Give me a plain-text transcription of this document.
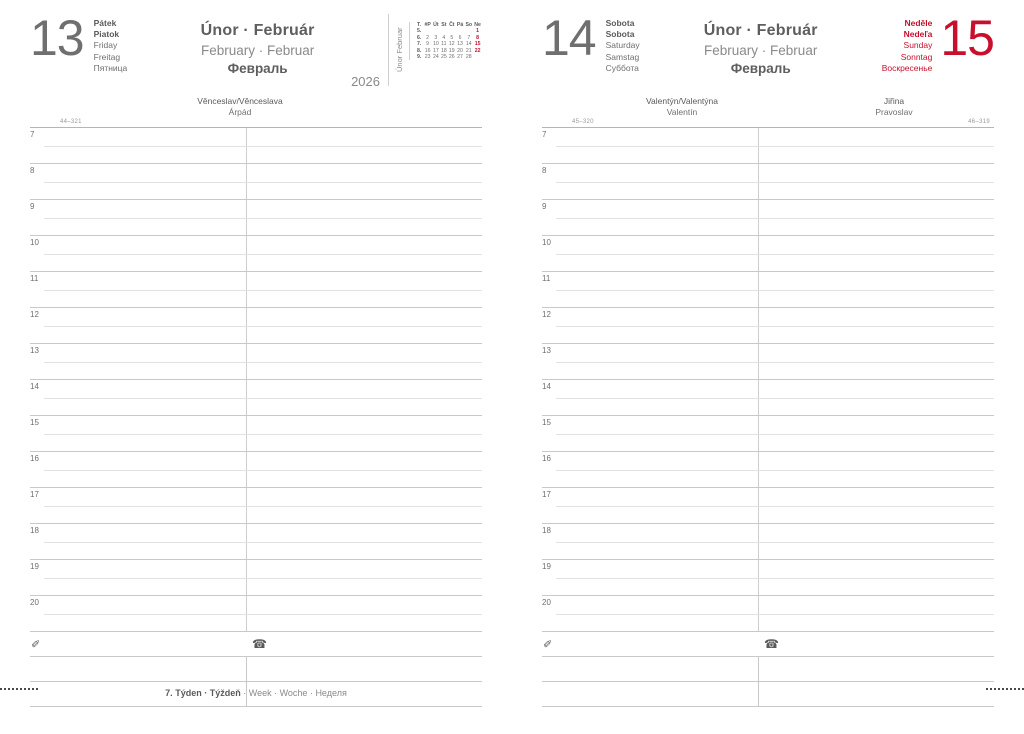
13 Pátek
Piatok
Friday
Freitag
Пятница
Únor · Február
February · Februar
Февраль	Únor Februar
T.	#P	Út	St	Čt	Pá	So	Ne
5.							1
6.	2	3	4	5	6	7	8
7.	9	10	11	12	13	14	15
8.	16	17	18	19	20	21	22
9.	23	24	25	26	27	28	
2026
Věnceslav/Věnceslava
Árpád
44–321
7
8
9
10
11
12
13
14
15
16
17
18
19
20
✐	☎
7. Týden · Týždeň · Week · Woche · Неделя
14 Sobota
Sobota
Saturday
Samstag
Суббота
Únor · Február
February · Februar
Февраль
Neděle
Nedeľa
Sunday
Sonntag
Воскресенье
15
Valentýn/Valentýna
Valentín
Jiřina
Pravoslav
45–320	46–319
7
8
9
10
11
12
13
14
15
16
17
18
19
20
✐	☎
